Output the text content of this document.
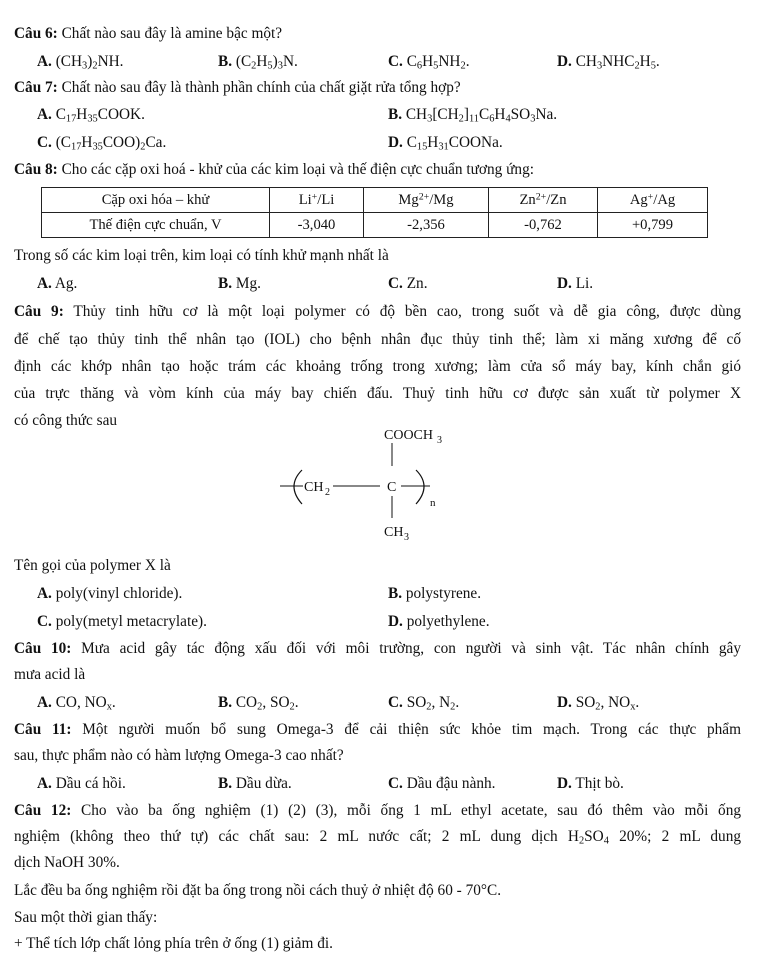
Câu 6: Chất nào sau đây là amine bậc một?
A. $(CH_3)_2NH$.	B. $(C_2H_5)_3N$.	C. $C_6H_5NH_2$.	D. $CH_3NHC_2H_5$.
Câu 7: Chất nào sau đây là thành phần chính của chất giặt rửa tổng hợp?
A. $C_{17}H_{35}COOK$.	B. $CH_3[CH_2]_{11}C_6H_4SO_3Na$.
C. $(C_{17}H_{35}COO)_2Ca$.	D. $C_{15}H_{31}COONa$.
Câu 8: Cho các cặp oxi hoá - khử của các kim loại và thế điện cực chuẩn tương ứng:
Cặp oxi hóa – khử	Li+/Li	$Mg^{2+}/Mg$	$Zn^{2+}/Zn$	Ag+/Ag
Thế điện cực chuẩn, V	-3,040	-2,356	-0,762	+0,799
Trong số các kim loại trên, kim loại có tính khử mạnh nhất là
A. Ag.	B. Mg.	C. Zn.	D. Li.
Câu 9: Thủy tinh hữu cơ là một loại polymer có độ bền cao, trong suốt và dễ gia công, được dùng
để chế tạo thủy tinh thể nhân tạo (IOL) cho bệnh nhân đục thủy tinh thể; làm xi măng xương để cố
định các khớp nhân tạo hoặc trám các khoảng trống trong xương; làm cửa sổ máy bay, kính chắn gió
của trực thăng và vòm kính của máy bay chiến đấu. Thuỷ tinh hữu cơ được sản xuất từ polymer X
có công thức sau
COOCH 3
CH 2	C
n
CH 3
Tên gọi của polymer X là
A. poly(vinyl chloride).	B. polystyrene.
C. poly(metyl metacrylate).	D. polyethylene.
Câu 10: Mưa acid gây tác động xấu đối với môi trường, con người và sinh vật. Tác nhân chính gây
mưa acid là
A. CO, $NO_x$.	B. $CO_2$, $SO_2$.	C. $SO_2$, $N_2$.	D. $SO_2$, $NO_x$.
Câu 11: Một người muốn bổ sung Omega-3 để cải thiện sức khỏe tim mạch. Trong các thực phẩm
sau, thực phẩm nào có hàm lượng Omega-3 cao nhất?
A. Dầu cá hồi.	B. Dầu dừa.	C. Dầu đậu nành.	D. Thịt bò.
Câu 12: Cho vào ba ống nghiệm (1) (2) (3), mỗi ống 1 mL ethyl acetate, sau đó thêm vào mỗi ống
nghiệm (không theo thứ tự) các chất sau: 2 mL nước cất; 2 mL dung dịch $H_2SO_4$ 20%; 2 mL dung
dịch NaOH 30%.
Lắc đều ba ống nghiệm rồi đặt ba ống trong nồi cách thuỷ ở nhiệt độ 60 - 70°C.
Sau một thời gian thấy:
+ Thể tích lớp chất lỏng phía trên ở ống (1) giảm đi.
